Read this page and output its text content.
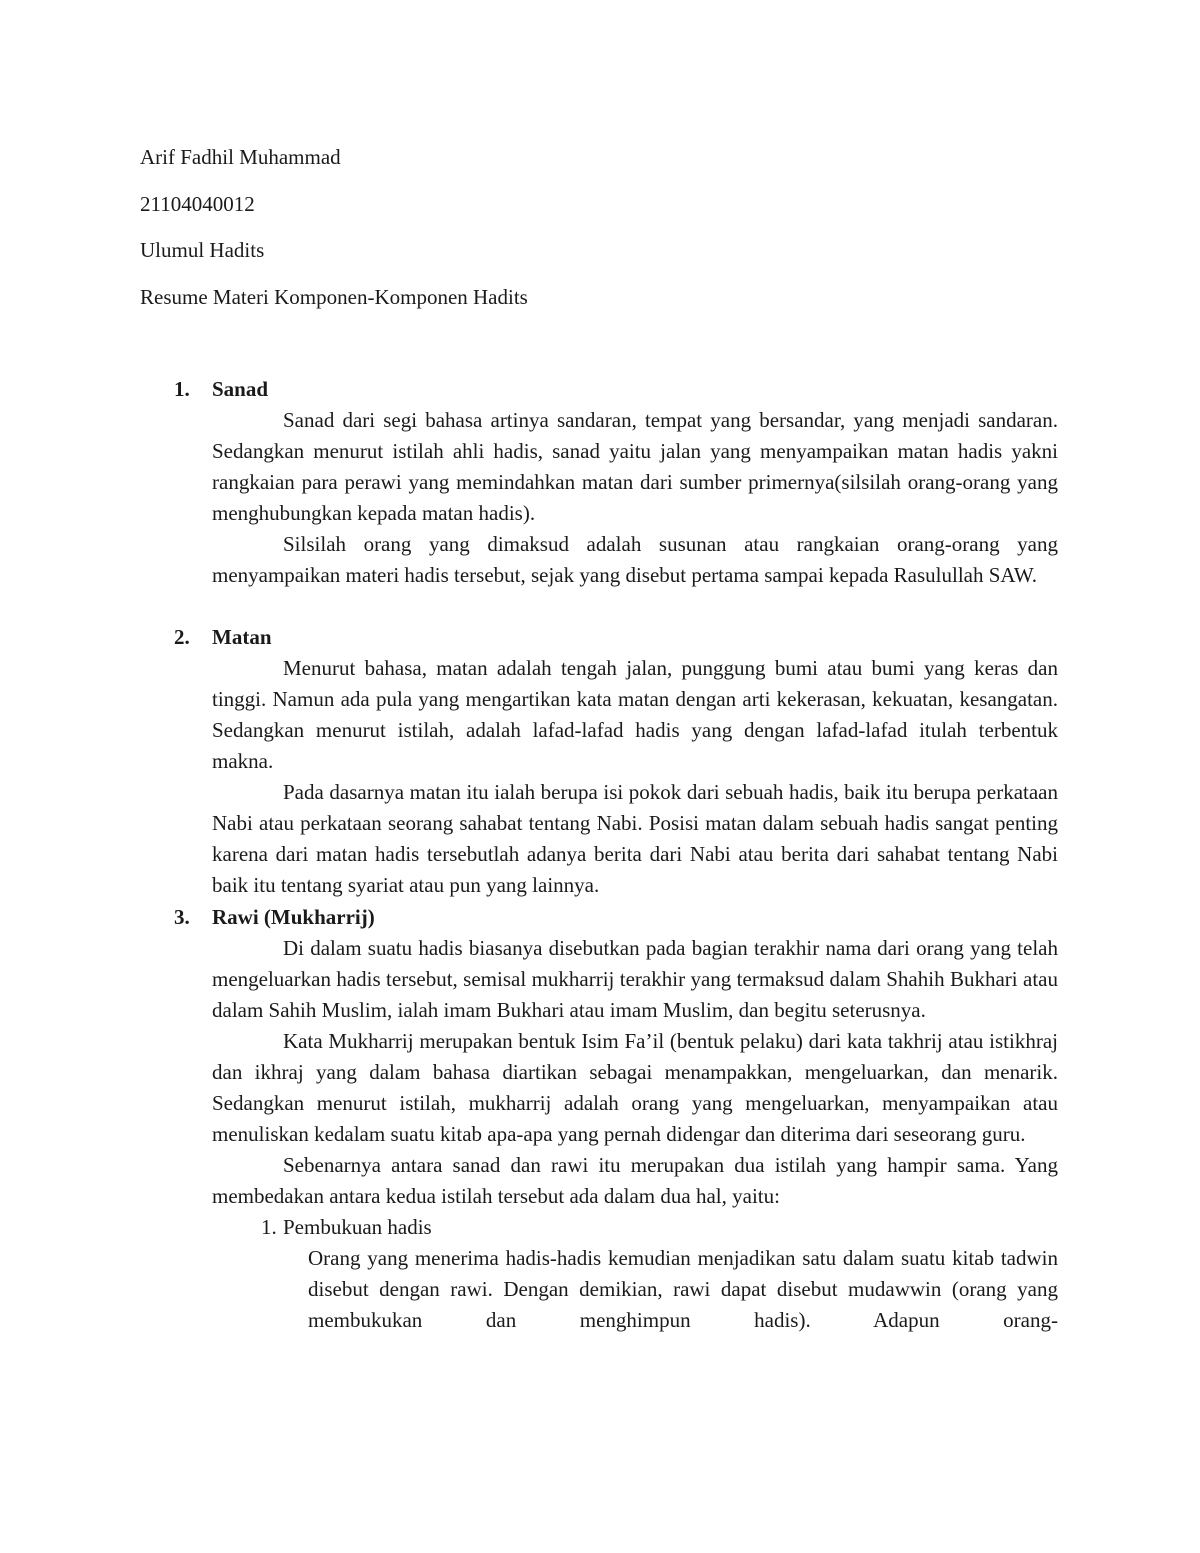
Arif Fadhil Muhammad

21104040012

Ulumul Hadits

Resume Materi Komponen-Komponen Hadits

1. Sanad

Sanad dari segi bahasa artinya sandaran, tempat yang bersandar, yang menjadi sandaran. Sedangkan menurut istilah ahli hadis, sanad yaitu jalan yang menyampaikan matan hadis yakni rangkaian para perawi yang memindahkan matan dari sumber primernya(silsilah orang-orang yang menghubungkan kepada matan hadis).

Silsilah orang yang dimaksud adalah susunan atau rangkaian orang-orang yang menyampaikan materi hadis tersebut, sejak yang disebut pertama sampai kepada Rasulullah SAW.

2. Matan

Menurut bahasa, matan adalah tengah jalan, punggung bumi atau bumi yang keras dan tinggi. Namun ada pula yang mengartikan kata matan dengan arti kekerasan, kekuatan, kesangatan. Sedangkan menurut istilah, adalah lafad-lafad hadis yang dengan lafad-lafad itulah terbentuk makna.

Pada dasarnya matan itu ialah berupa isi pokok dari sebuah hadis, baik itu berupa perkataan Nabi atau perkataan seorang sahabat tentang Nabi. Posisi matan dalam sebuah hadis sangat penting karena dari matan hadis tersebutlah adanya berita dari Nabi atau berita dari sahabat tentang Nabi baik itu tentang syariat atau pun yang lainnya.

3. Rawi (Mukharrij)

Di dalam suatu hadis biasanya disebutkan pada bagian terakhir nama dari orang yang telah mengeluarkan hadis tersebut, semisal mukharrij terakhir yang termaksud dalam Shahih Bukhari atau dalam Sahih Muslim, ialah imam Bukhari atau imam Muslim, dan begitu seterusnya.

Kata Mukharrij merupakan bentuk Isim Fa’il (bentuk pelaku) dari kata takhrij atau istikhraj dan ikhraj yang dalam bahasa diartikan sebagai menampakkan, mengeluarkan, dan menarik. Sedangkan menurut istilah, mukharrij adalah orang yang mengeluarkan, menyampaikan atau menuliskan kedalam suatu kitab apa-apa yang pernah didengar dan diterima dari seseorang guru.

Sebenarnya antara sanad dan rawi itu merupakan dua istilah yang hampir sama. Yang membedakan antara kedua istilah tersebut ada dalam dua hal, yaitu:

1. Pembukuan hadis

Orang yang menerima hadis-hadis kemudian menjadikan satu dalam suatu kitab tadwin disebut dengan rawi. Dengan demikian, rawi dapat disebut mudawwin (orang yang membukukan dan menghimpun hadis). Adapun orang-
